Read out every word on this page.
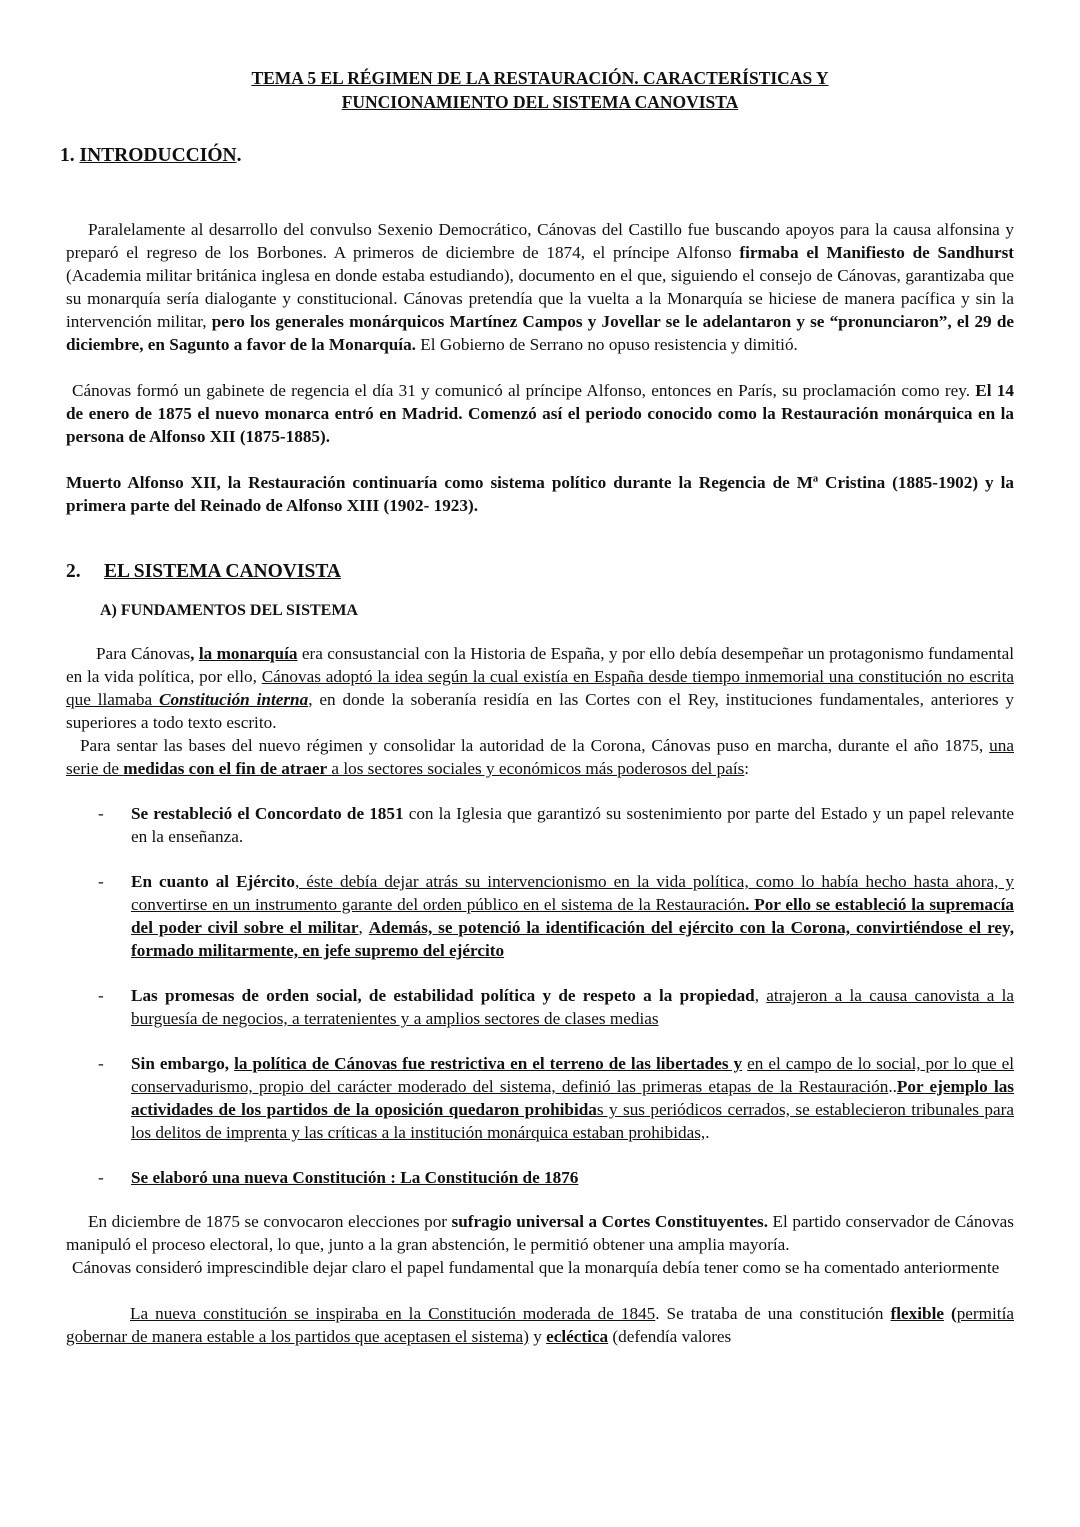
TEMA 5 EL RÉGIMEN DE LA RESTAURACIÓN. CARACTERÍSTICAS Y
FUNCIONAMIENTO DEL SISTEMA CANOVISTA

1. INTRODUCCIÓN.

Paralelamente al desarrollo del convulso Sexenio Democrático, Cánovas del Castillo fue buscando apoyos para la causa alfonsina y preparó el regreso de los Borbones. A primeros de diciembre de 1874, el príncipe Alfonso firmaba el Manifiesto de Sandhurst (Academia militar británica inglesa en donde estaba estudiando), documento en el que, siguiendo el consejo de Cánovas, garantizaba que su monarquía sería dialogante y constitucional. Cánovas pretendía que la vuelta a la Monarquía se hiciese de manera pacífica y sin la intervención militar, pero los generales monárquicos Martínez Campos y Jovellar se le adelantaron y se “pronunciaron”, el 29 de diciembre, en Sagunto a favor de la Monarquía. El Gobierno de Serrano no opuso resistencia y dimitió.

Cánovas formó un gabinete de regencia el día 31 y comunicó al príncipe Alfonso, entonces en París, su proclamación como rey. El 14 de enero de 1875 el nuevo monarca entró en Madrid. Comenzó así el periodo conocido como la Restauración monárquica en la persona de Alfonso XII (1875-1885).

Muerto Alfonso XII, la Restauración continuaría como sistema político durante la Regencia de Mª Cristina (1885-1902) y la primera parte del Reinado de Alfonso XIII (1902- 1923).

2. EL SISTEMA CANOVISTA
A) FUNDAMENTOS DEL SISTEMA

Para Cánovas, la monarquía era consustancial con la Historia de España, y por ello debía desempeñar un protagonismo fundamental en la vida política, por ello, Cánovas adoptó la idea según la cual existía en España desde tiempo inmemorial una constitución no escrita que llamaba Constitución interna, en donde la soberanía residía en las Cortes con el Rey, instituciones fundamentales, anteriores y superiores a todo texto escrito.

Para sentar las bases del nuevo régimen y consolidar la autoridad de la Corona, Cánovas puso en marcha, durante el año 1875, una serie de medidas con el fin de atraer a los sectores sociales y económicos más poderosos del país:

- Se restableció el Concordato de 1851 con la Iglesia que garantizó su sostenimiento por parte del Estado y un papel relevante en la enseñanza.
- En cuanto al Ejército, éste debía dejar atrás su intervencionismo en la vida política, como lo había hecho hasta ahora, y convertirse en un instrumento garante del orden público en el sistema de la Restauración. Por ello se estableció la supremacía del poder civil sobre el militar, Además, se potenció la identificación del ejército con la Corona, convirtiéndose el rey, formado militarmente, en jefe supremo del ejército
- Las promesas de orden social, de estabilidad política y de respeto a la propiedad, atrajeron a la causa canovista a la burguesía de negocios, a terratenientes y a amplios sectores de clases medias
- Sin embargo, la política de Cánovas fue restrictiva en el terreno de las libertades y en el campo de lo social, por lo que el conservadurismo, propio del carácter moderado del sistema, definió las primeras etapas de la Restauración..Por ejemplo las actividades de los partidos de la oposición quedaron prohibidas y sus periódicos cerrados, se establecieron tribunales para los delitos de imprenta y las críticas a la institución monárquica estaban prohibidas,.
- Se elaboró una nueva Constitución : La Constitución de 1876

En diciembre de 1875 se convocaron elecciones por sufragio universal a Cortes Constituyentes. El partido conservador de Cánovas manipuló el proceso electoral, lo que, junto a la gran abstención, le permitió obtener una amplia mayoría.

Cánovas consideró imprescindible dejar claro el papel fundamental que la monarquía debía tener como se ha comentado anteriormente

La nueva constitución se inspiraba en la Constitución moderada de 1845. Se trataba de una constitución flexible (permitía gobernar de manera estable a los partidos que aceptasen el sistema) y ecléctica (defendía valores
